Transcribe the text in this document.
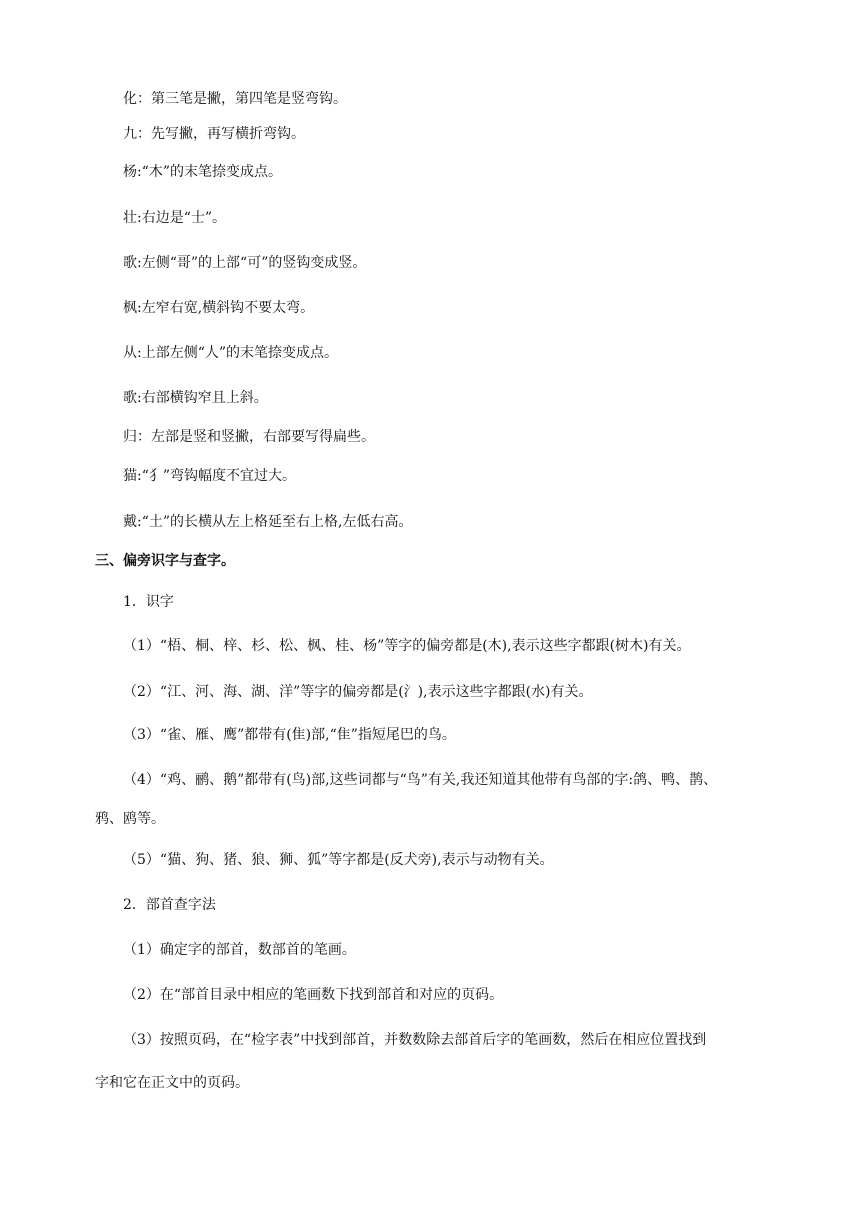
化：第三笔是撇，第四笔是竖弯钩。
九：先写撇，再写横折弯钩。
杨:“木”的末笔捺变成点。
壮:右边是“士”。
歌:左侧“哥”的上部“可”的竖钩变成竖。
枫:左窄右宽,横斜钩不要太弯。
从:上部左侧“人”的末笔捺变成点。
歌:右部横钩窄且上斜。
归：左部是竖和竖撇，右部要写得扁些。
猫:“犭”弯钩幅度不宜过大。
戴:“土”的长横从左上格延至右上格,左低右高。
三、偏旁识字与查字。
1．识字
（1）“梧、桐、梓、杉、松、枫、桂、杨”等字的偏旁都是(木),表示这些字都跟(树木)有关。
（2）“江、河、海、湖、洋”等字的偏旁都是(氵),表示这些字都跟(水)有关。
（3）“雀、雁、鹰”都带有(隹)部,“隹”指短尾巴的鸟。
（4）“鸡、鹂、鹅”都带有(鸟)部,这些词都与“鸟”有关,我还知道其他带有鸟部的字:鸽、鸭、鹊、
鸦、鸥等。
（5）“猫、狗、猪、狼、狮、狐”等字都是(反犬旁),表示与动物有关。
2．部首查字法
（1）确定字的部首，数部首的笔画。
（2）在“部首目录中相应的笔画数下找到部首和对应的页码。
（3）按照页码，在“检字表”中找到部首，并数数除去部首后字的笔画数，然后在相应位置找到
字和它在正文中的页码。
